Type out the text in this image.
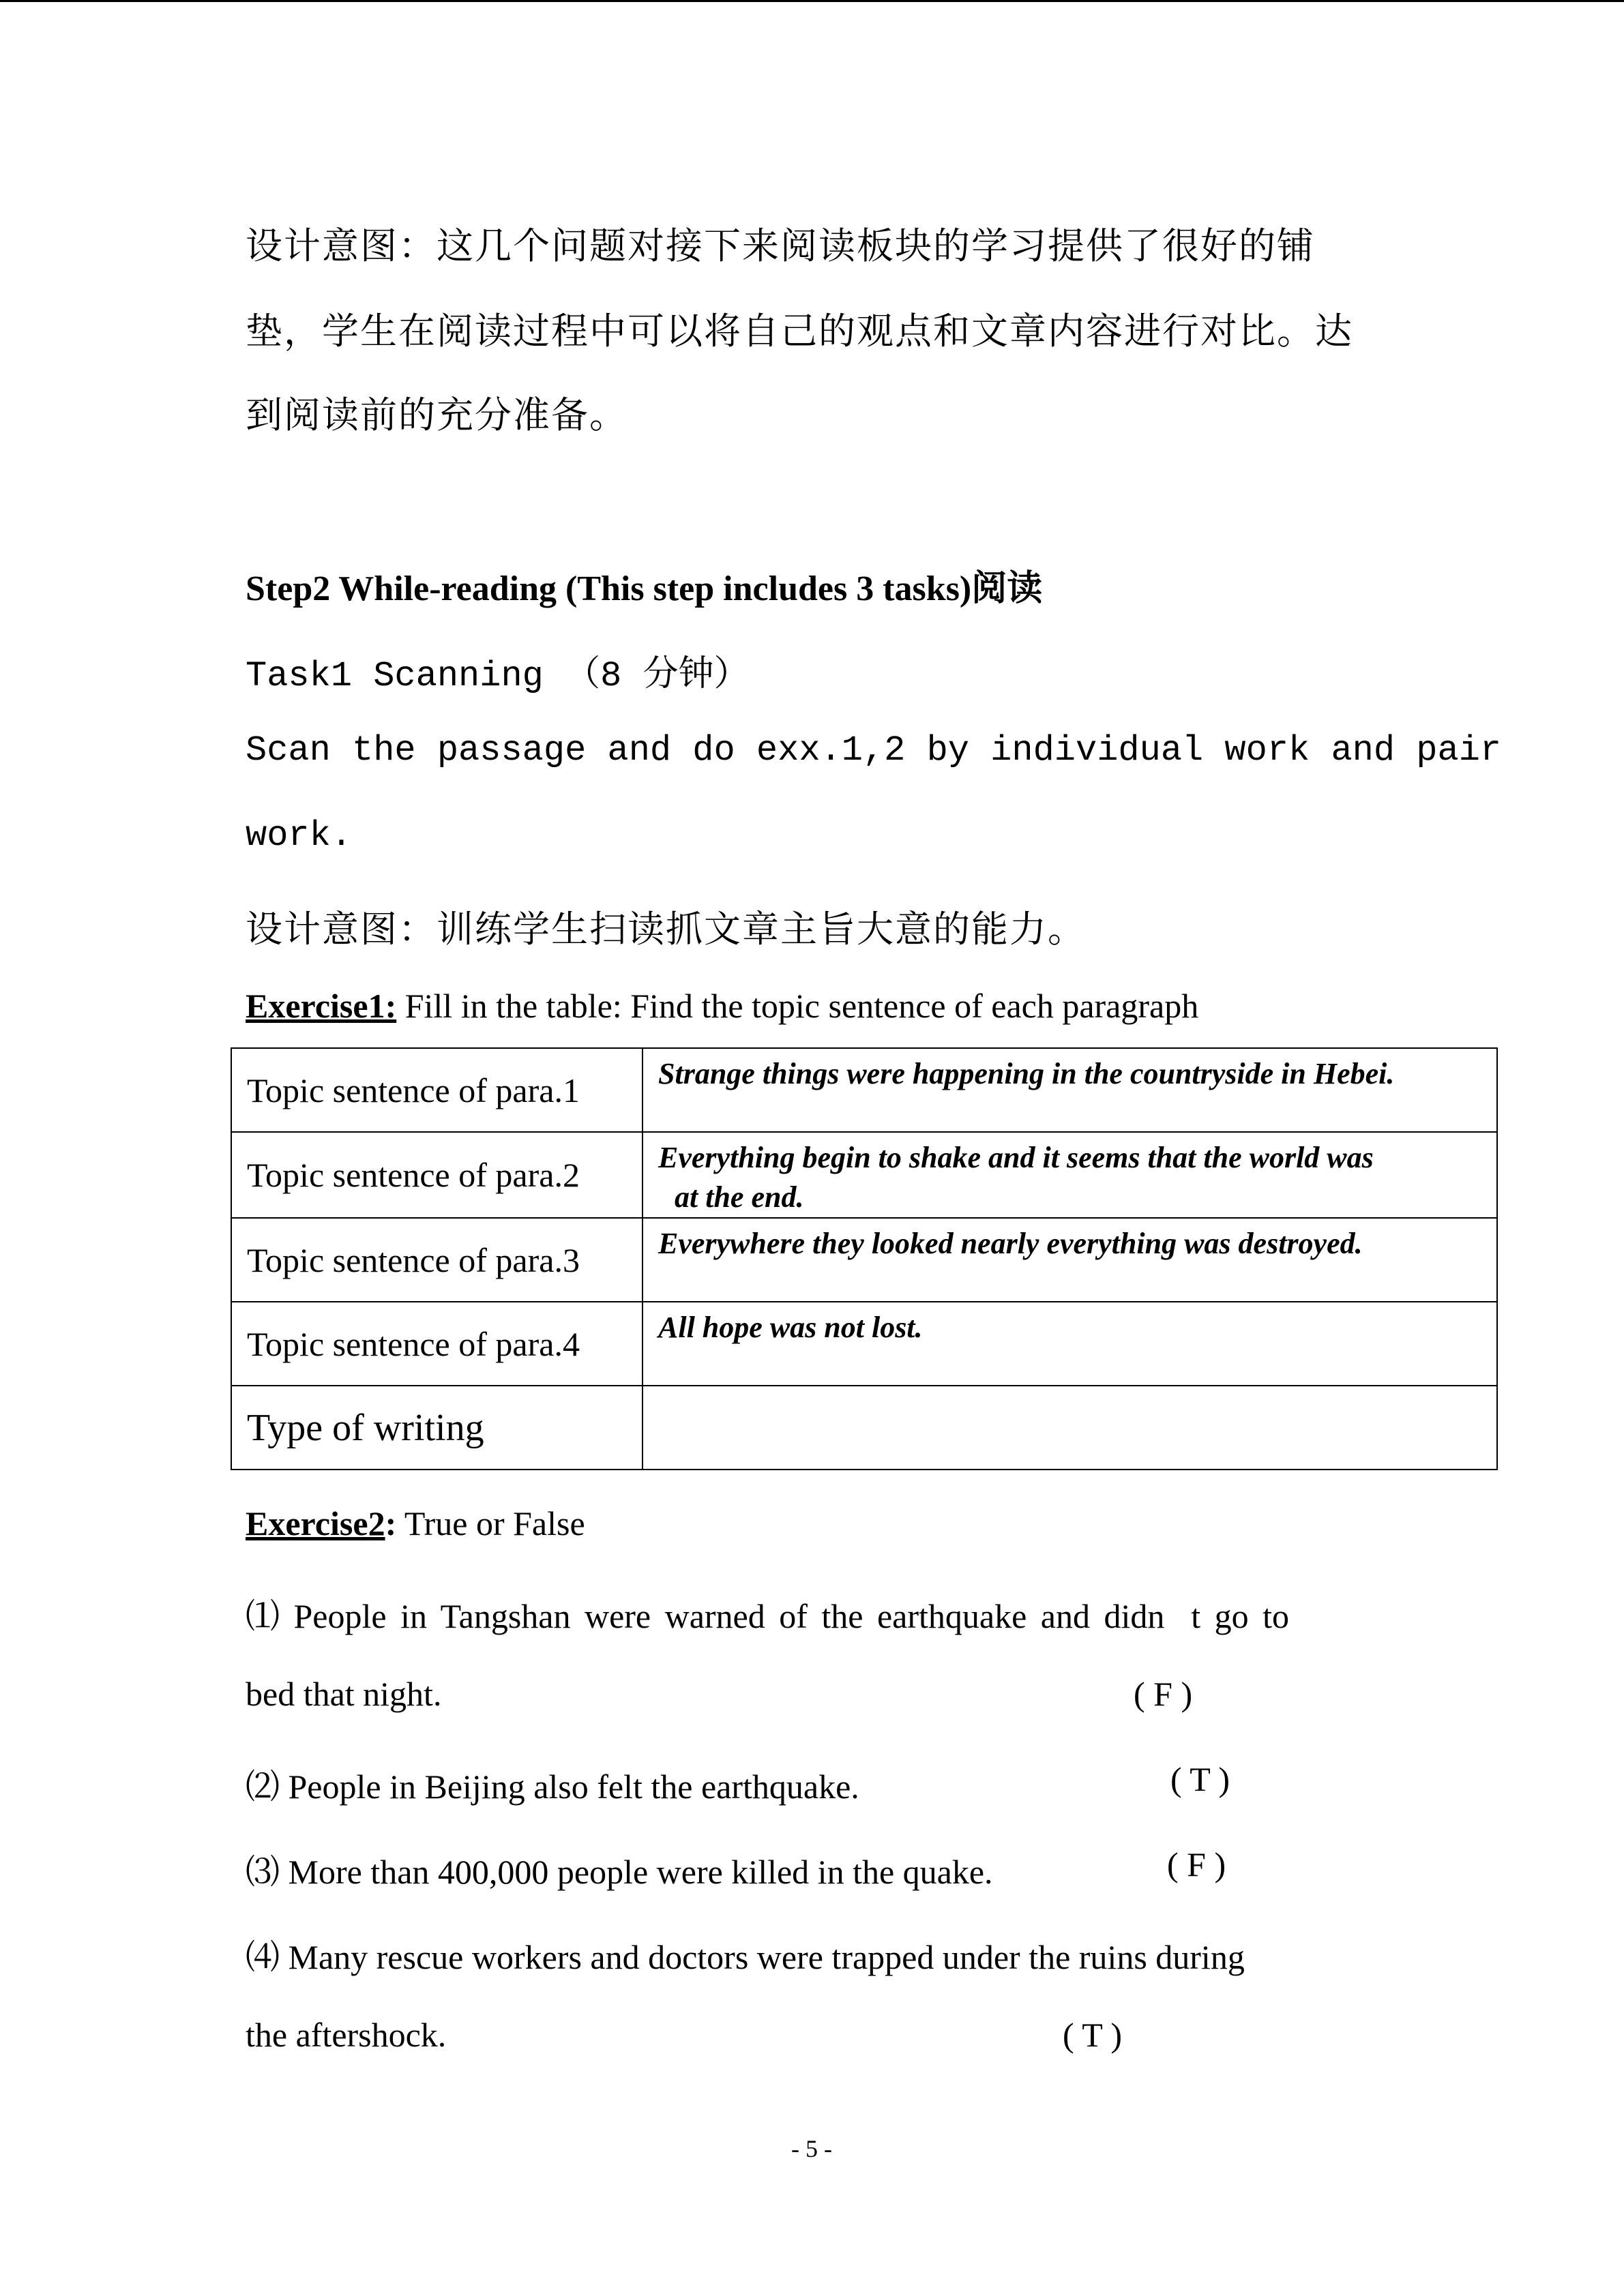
设计意图：这几个问题对接下来阅读板块的学习提供了很好的铺
垫，学生在阅读过程中可以将自己的观点和文章内容进行对比。达
到阅读前的充分准备。
Step2 While-reading (This step includes 3 tasks)阅读
Task1 Scanning （8 分钟）
Scan the passage and do exx.1,2 by individual work and pair
work.
设计意图：训练学生扫读抓文章主旨大意的能力。
Exercise1: Fill in the table: Find the topic sentence of each paragraph
Topic sentence of para.1	Strange things were happening in the countryside in Hebei.
Topic sentence of para.2	Everything begin to shake and it seems that the world was
at the end.

Topic sentence of para.3	Everywhere they looked nearly everything was destroyed.
Topic sentence of para.4	All hope was not lost.
Type of writing	
Exercise2: True or False
⑴ People in Tangshan were warned of the earthquake and didn t go to
bed that night.	( F )
⑵ People in Beijing also felt the earthquake.	( T )
⑶ More than 400,000 people were killed in the quake.	( F )
⑷ Many rescue workers and doctors were trapped under the ruins during
the aftershock.	( T )
- 5 -
